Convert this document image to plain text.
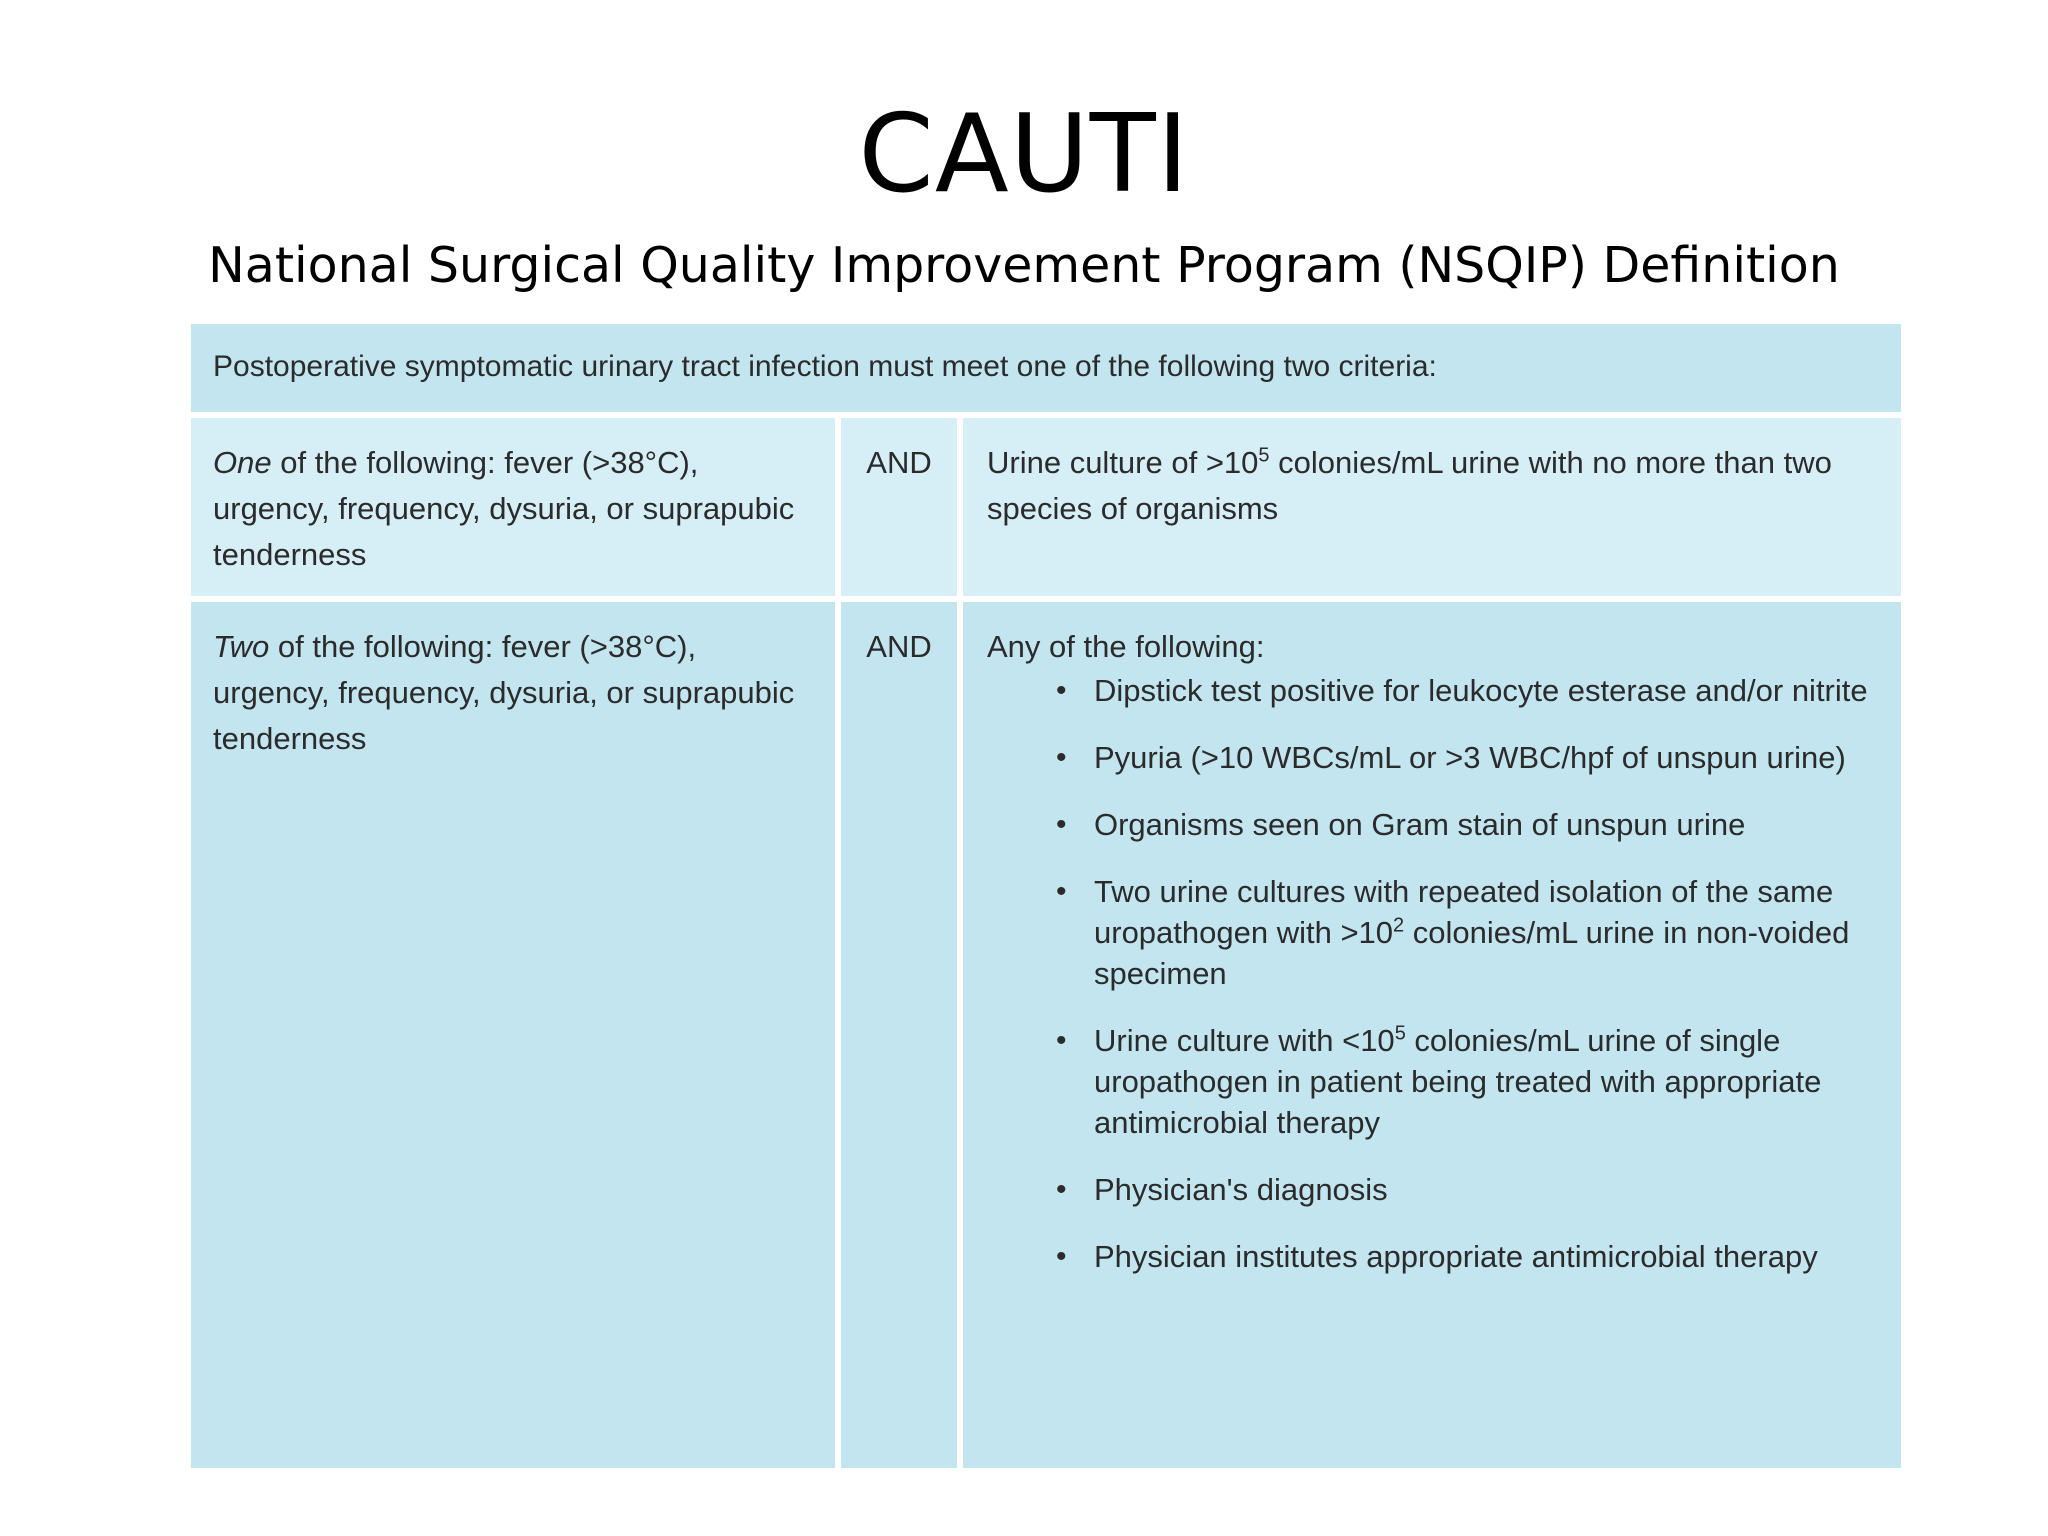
CAUTI
National Surgical Quality Improvement Program (NSQIP) Definition
Postoperative symptomatic urinary tract infection must meet one of the following two criteria:
One of the following: fever (>38°C), urgency, frequency, dysuria, or suprapubic tenderness
AND	Urine culture of $>10^5$ colonies/mL urine with no more than two species of organisms
Two of the following: fever (>38°C), urgency, frequency, dysuria, or suprapubic tenderness
AND	Any of the following:
• Dipstick test positive for leukocyte esterase and/or nitrite
• Pyuria (>10 WBCs/mL or >3 WBC/hpf of unspun urine)
• Organisms seen on Gram stain of unspun urine
• Two urine cultures with repeated isolation of the same uropathogen with $>10^2$ colonies/mL urine in non-voided specimen
• Urine culture with $<10^5$ colonies/mL urine of single uropathogen in patient being treated with appropriate antimicrobial therapy
• Physician's diagnosis
• Physician institutes appropriate antimicrobial therapy
